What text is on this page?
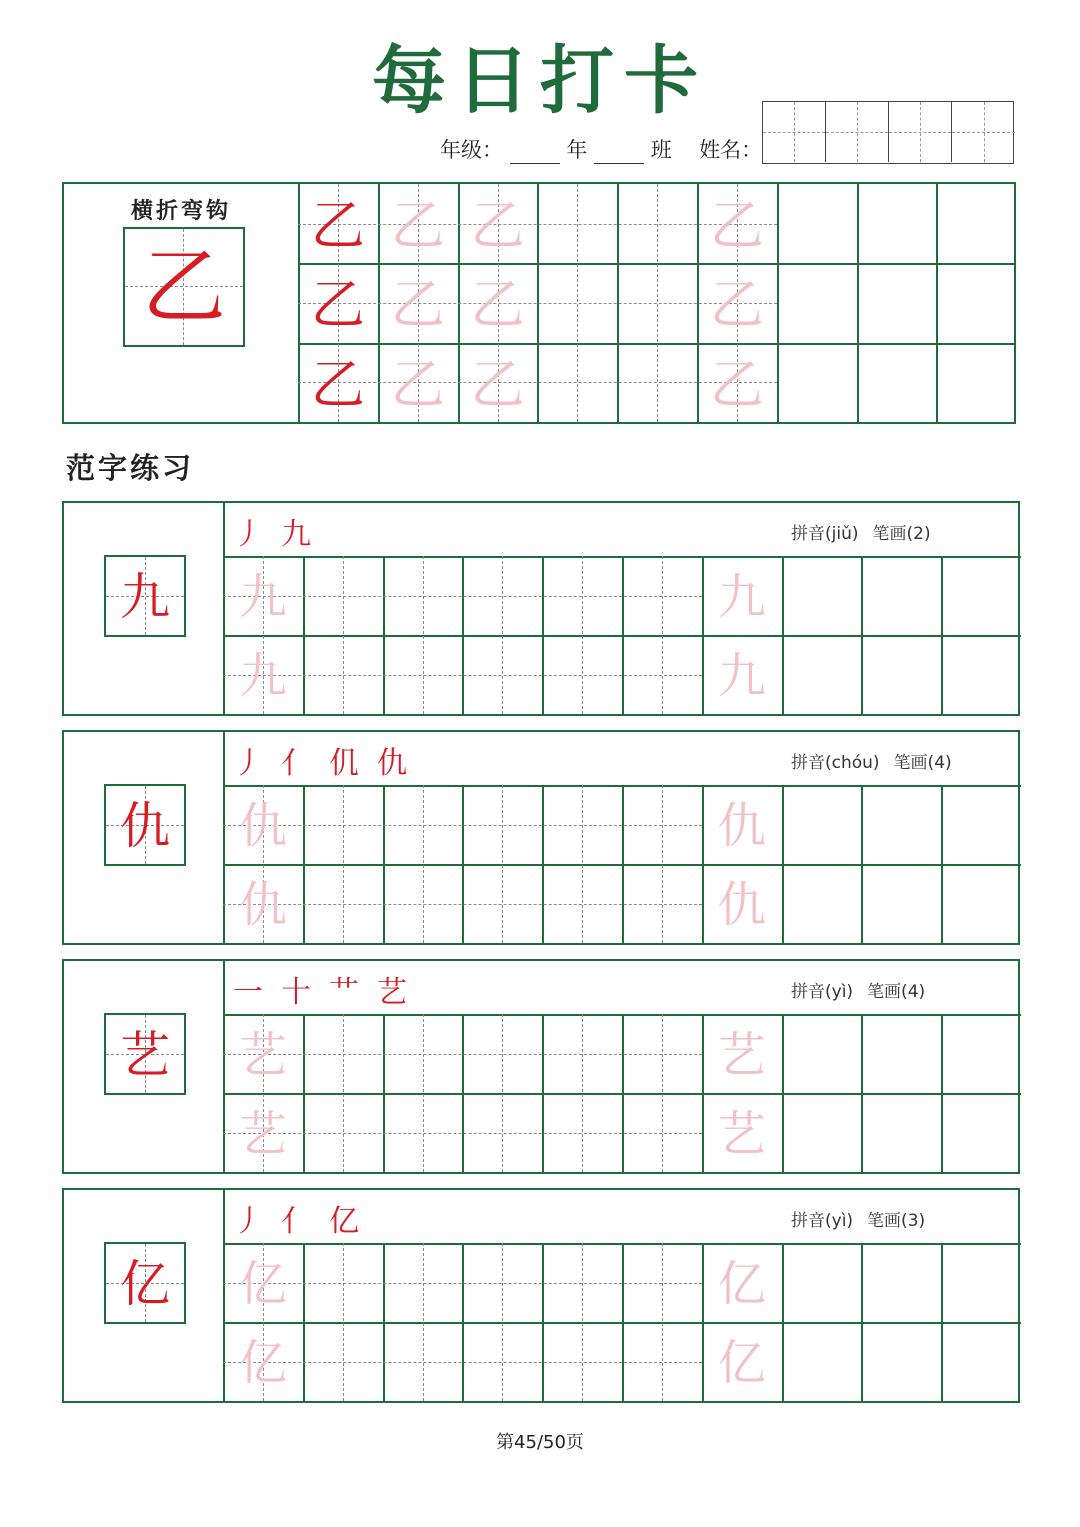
每日打卡
年级：	年	班 姓名：
横折弯钩
乙
乙 乙 乙	乙
乙 乙 乙	乙
乙 乙 乙	乙
范字练习
九
丿 九	拼音(jiǔ) 笔画(2)
九	九
九	九
仇
丿 亻 仉 仇	拼音(chóu) 笔画(4)
仇	仇
仇	仇
艺
一 十 艹 艺	拼音(yì) 笔画(4)
艺	艺
艺	艺
亿
丿 亻 亿	拼音(yì) 笔画(3)
亿	亿
亿	亿
第45/50页
